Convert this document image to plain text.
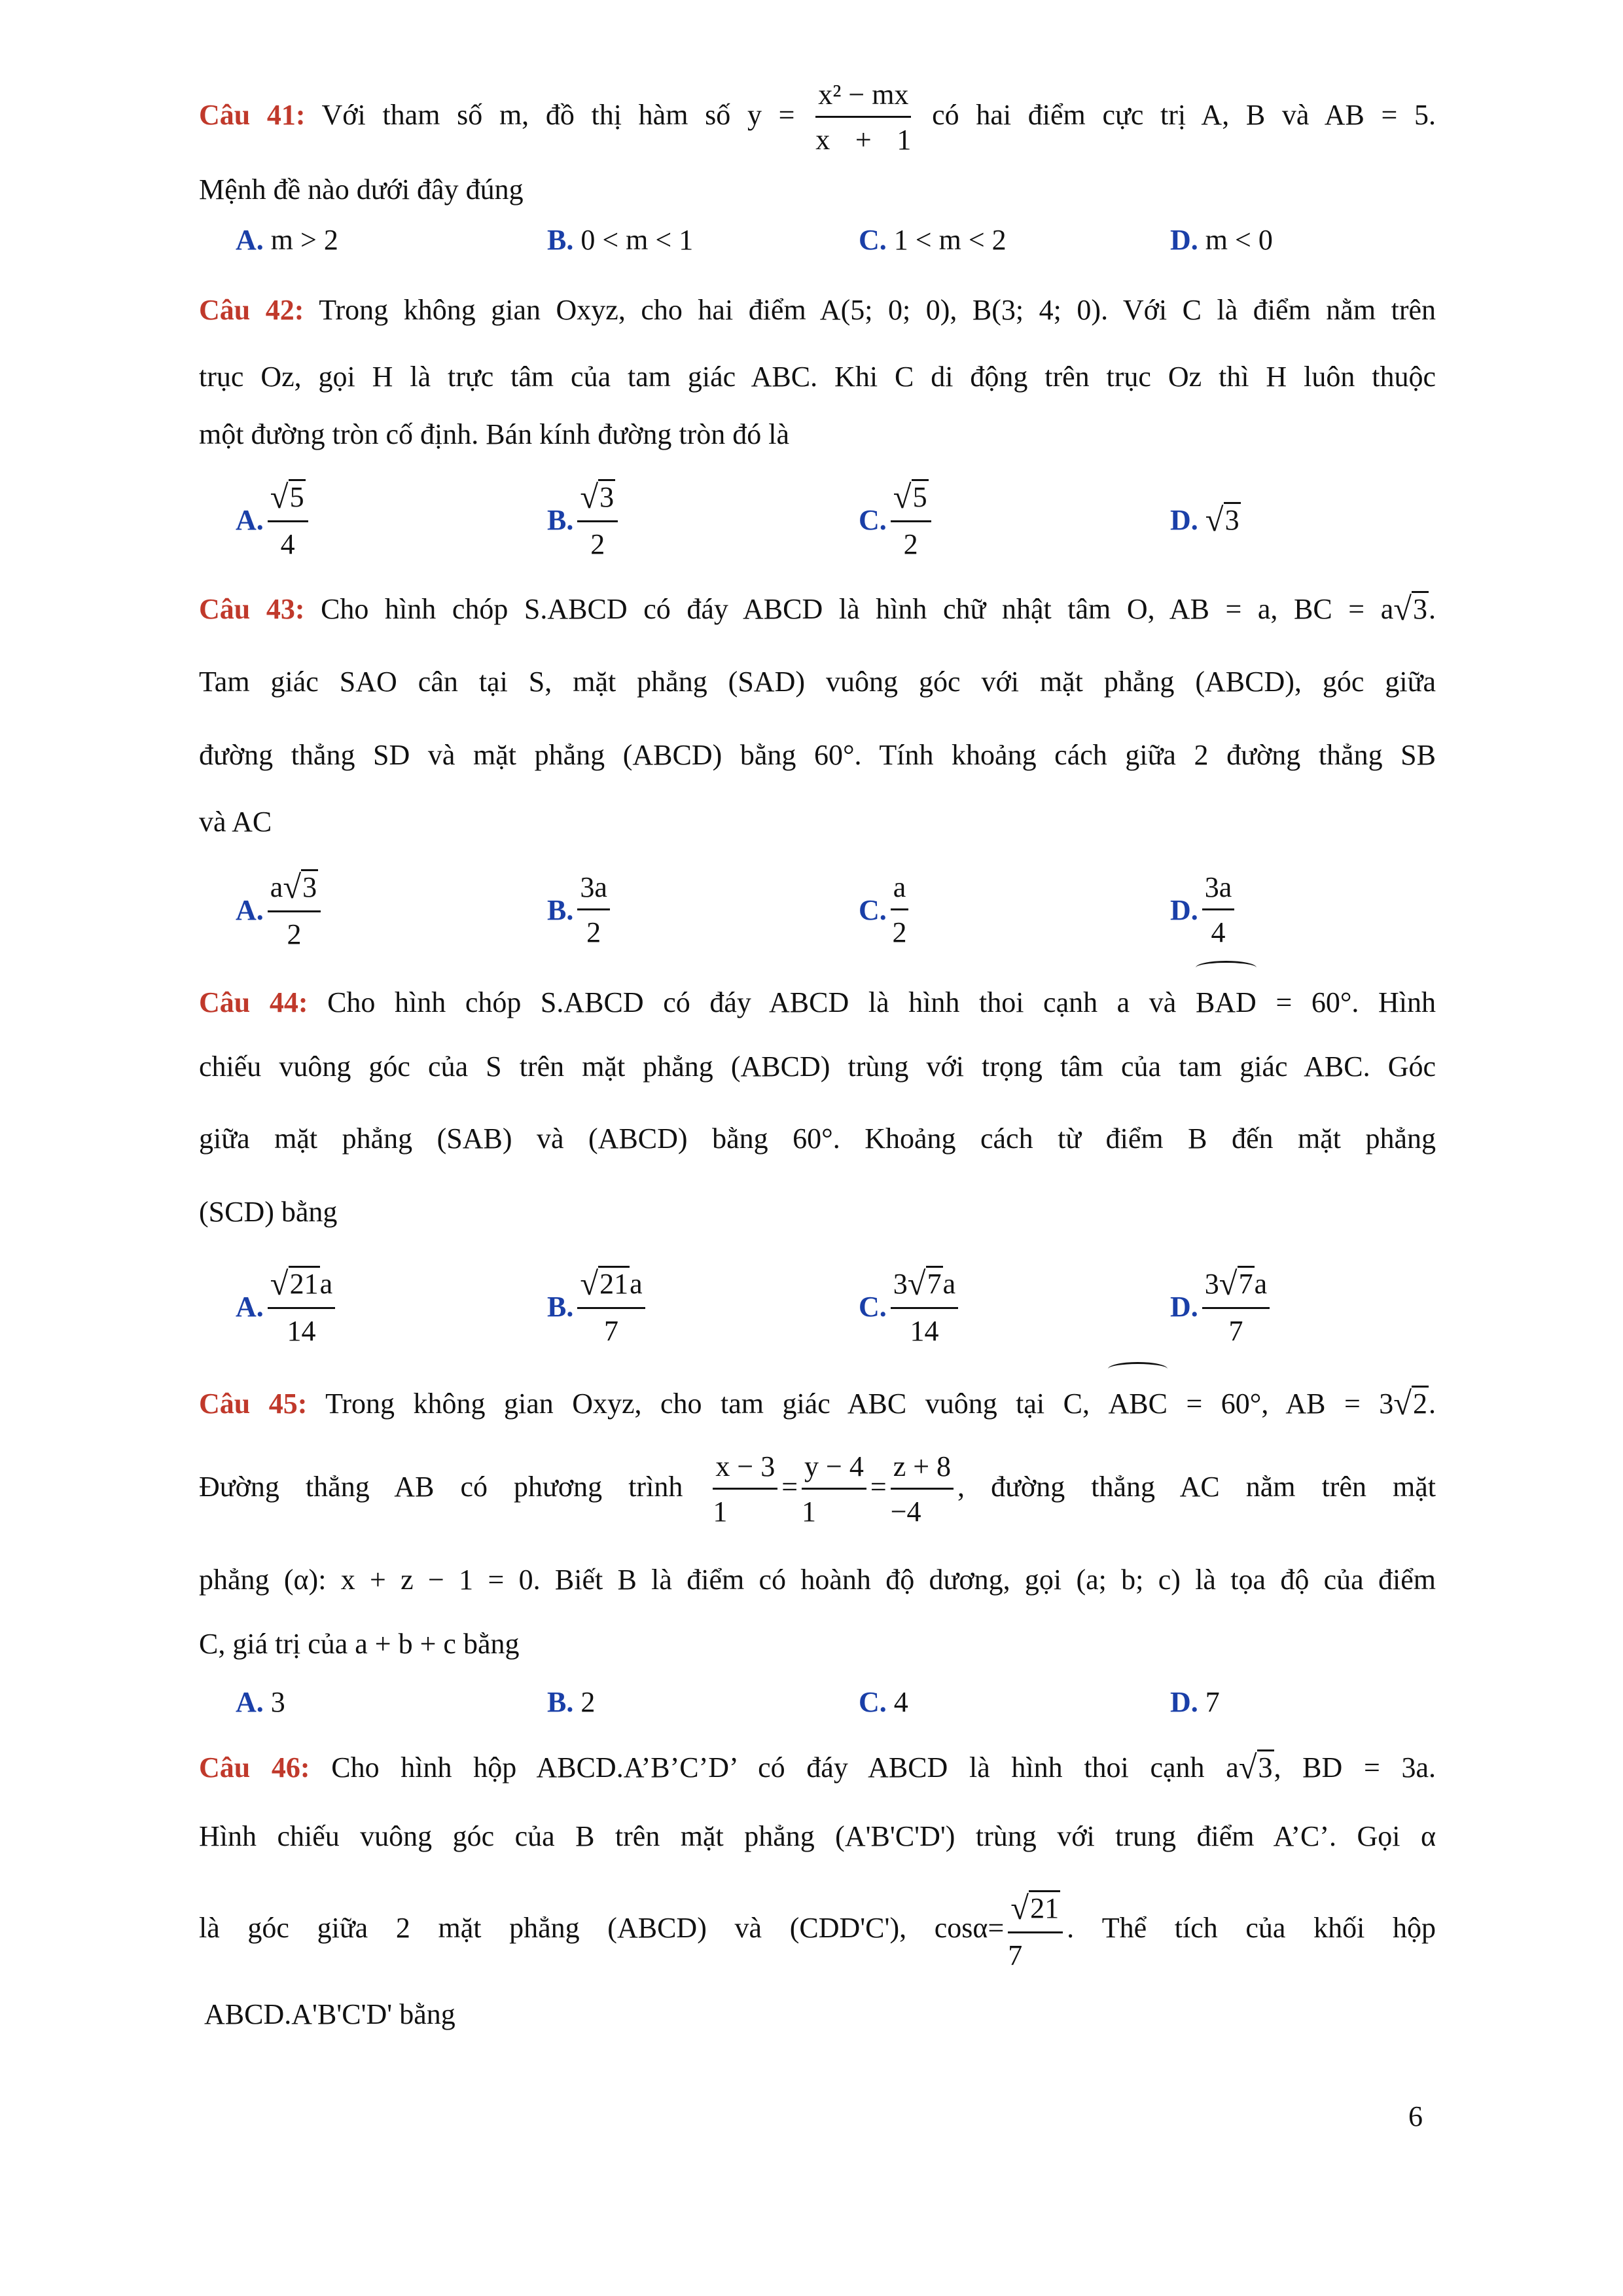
Câu 41: Với tham số m, đồ thị hàm số $y = \frac{\text{x² − mx}}{x + 1}$ có hai điểm cực trị A, B và AB = 5.
Mệnh đề nào dưới đây đúng
A.
m > 2	B.
0 < m < 1	C.
1 < m < 2	D.
m < 0
Câu 42: Trong không gian Oxyz, cho hai điểm A(5; 0; 0), B(3; 4; 0). Với C là điểm nằm trên
trục Oz, gọi H là trực tâm của tam giác ABC. Khi C di động trên trục Oz thì H luôn thuộc
một đường tròn cố định. Bán kính đường tròn đó là
A. $\frac{√5}{4}$	B. $\frac{√3}{2}$	C. $\frac{√5}{2}$	D.
√3
Câu 43: Cho hình chóp S.ABCD có đáy ABCD là hình chữ nhật tâm O, AB = a, BC = a√3.
Tam giác SAO cân tại S, mặt phẳng (SAD) vuông góc với mặt phẳng (ABCD), góc giữa
đường thẳng SD và mặt phẳng (ABCD) bằng 60°. Tính khoảng cách giữa 2 đường thẳng SB
và AC
A. $\frac{a√3}{2}$	B. $\frac{3a}{2}$	C. $\frac{a}{2}$	D. $\frac{3a}{4}$
Câu 44: Cho hình chóp S.ABCD có đáy ABCD là hình thoi cạnh a và BAD = 60°. Hình
chiếu vuông góc của S trên mặt phẳng (ABCD) trùng với trọng tâm của tam giác ABC. Góc
giữa mặt phẳng (SAB) và (ABCD) bằng 60°. Khoảng cách từ điểm B đến mặt phẳng
(SCD) bằng
A. $\frac{√21a}{14}$	B. $\frac{√21a}{7}$	C. $\frac{3√7a}{14}$	D. $\frac{3√7a}{7}$
Câu 45: Trong không gian Oxyz, cho tam giác ABC vuông tại C, ABC = 60°, AB = 3√2.
Đường thẳng AB có phương trình $\frac{x - 3}{1} = \frac{y - 4}{1} = \frac{z + 8}{-4}$ , đường thẳng AC nằm trên mặt
phẳng (α): x + z − 1 = 0. Biết B là điểm có hoành độ dương, gọi (a; b; c) là tọa độ của điểm
C, giá trị của a + b + c bằng
A.
3	B.
2	C.
4	D.
7
Câu 46: Cho hình hộp ABCD.A’B’C’D’ có đáy ABCD là hình thoi cạnh a√3, BD = 3a.
Hình chiếu vuông góc của B trên mặt phẳng (A'B'C'D') trùng với trung điểm A’C’. Gọi α
là góc giữa 2 mặt phẳng (ABCD) và (CDD'C'), $\cos\alpha= \frac{√21}{7}$ . Thể tích của khối hộp
ABCD.A'B'C'D' bằng
6
